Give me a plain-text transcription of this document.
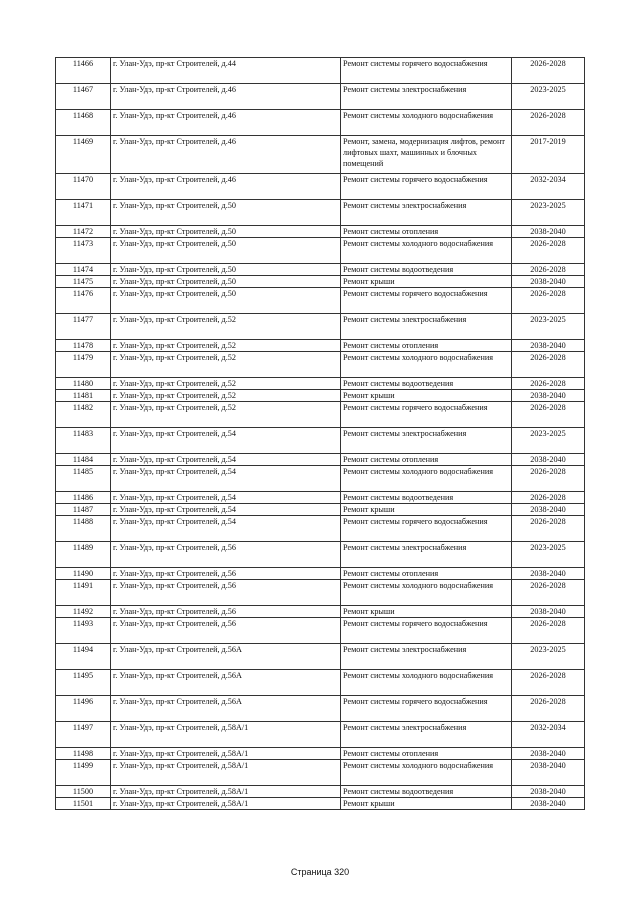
11466	г. Улан-Удэ, пр-кт Строителей, д.44	Ремонт системы горячего водоснабжения	2026-2028
11467	г. Улан-Удэ, пр-кт Строителей, д.46	Ремонт системы электроснабжения	2023-2025
11468	г. Улан-Удэ, пр-кт Строителей, д.46	Ремонт системы холодного водоснабжения	2026-2028
11469	г. Улан-Удэ, пр-кт Строителей, д.46	Ремонт, замена, модернизация лифтов, ремонт лифтовых шахт, машинных и блочных помещений	2017-2019
11470	г. Улан-Удэ, пр-кт Строителей, д.46	Ремонт системы горячего водоснабжения	2032-2034
11471	г. Улан-Удэ, пр-кт Строителей, д.50	Ремонт системы электроснабжения	2023-2025
11472	г. Улан-Удэ, пр-кт Строителей, д.50	Ремонт системы отопления	2038-2040
11473	г. Улан-Удэ, пр-кт Строителей, д.50	Ремонт системы холодного водоснабжения	2026-2028
11474	г. Улан-Удэ, пр-кт Строителей, д.50	Ремонт системы водоотведения	2026-2028
11475	г. Улан-Удэ, пр-кт Строителей, д.50	Ремонт крыши	2038-2040
11476	г. Улан-Удэ, пр-кт Строителей, д.50	Ремонт системы горячего водоснабжения	2026-2028
11477	г. Улан-Удэ, пр-кт Строителей, д.52	Ремонт системы электроснабжения	2023-2025
11478	г. Улан-Удэ, пр-кт Строителей, д.52	Ремонт системы отопления	2038-2040
11479	г. Улан-Удэ, пр-кт Строителей, д.52	Ремонт системы холодного водоснабжения	2026-2028
11480	г. Улан-Удэ, пр-кт Строителей, д.52	Ремонт системы водоотведения	2026-2028
11481	г. Улан-Удэ, пр-кт Строителей, д.52	Ремонт крыши	2038-2040
11482	г. Улан-Удэ, пр-кт Строителей, д.52	Ремонт системы горячего водоснабжения	2026-2028
11483	г. Улан-Удэ, пр-кт Строителей, д.54	Ремонт системы электроснабжения	2023-2025
11484	г. Улан-Удэ, пр-кт Строителей, д.54	Ремонт системы отопления	2038-2040
11485	г. Улан-Удэ, пр-кт Строителей, д.54	Ремонт системы холодного водоснабжения	2026-2028
11486	г. Улан-Удэ, пр-кт Строителей, д.54	Ремонт системы водоотведения	2026-2028
11487	г. Улан-Удэ, пр-кт Строителей, д.54	Ремонт крыши	2038-2040
11488	г. Улан-Удэ, пр-кт Строителей, д.54	Ремонт системы горячего водоснабжения	2026-2028
11489	г. Улан-Удэ, пр-кт Строителей, д.56	Ремонт системы электроснабжения	2023-2025
11490	г. Улан-Удэ, пр-кт Строителей, д.56	Ремонт системы отопления	2038-2040
11491	г. Улан-Удэ, пр-кт Строителей, д.56	Ремонт системы холодного водоснабжения	2026-2028
11492	г. Улан-Удэ, пр-кт Строителей, д.56	Ремонт крыши	2038-2040
11493	г. Улан-Удэ, пр-кт Строителей, д.56	Ремонт системы горячего водоснабжения	2026-2028
11494	г. Улан-Удэ, пр-кт Строителей, д.56А	Ремонт системы электроснабжения	2023-2025
11495	г. Улан-Удэ, пр-кт Строителей, д.56А	Ремонт системы холодного водоснабжения	2026-2028
11496	г. Улан-Удэ, пр-кт Строителей, д.56А	Ремонт системы горячего водоснабжения	2026-2028
11497	г. Улан-Удэ, пр-кт Строителей, д.58А/1	Ремонт системы электроснабжения	2032-2034
11498	г. Улан-Удэ, пр-кт Строителей, д.58А/1	Ремонт системы отопления	2038-2040
11499	г. Улан-Удэ, пр-кт Строителей, д.58А/1	Ремонт системы холодного водоснабжения	2038-2040
11500	г. Улан-Удэ, пр-кт Строителей, д.58А/1	Ремонт системы водоотведения	2038-2040
11501	г. Улан-Удэ, пр-кт Строителей, д.58А/1	Ремонт крыши	2038-2040
Страница 320
